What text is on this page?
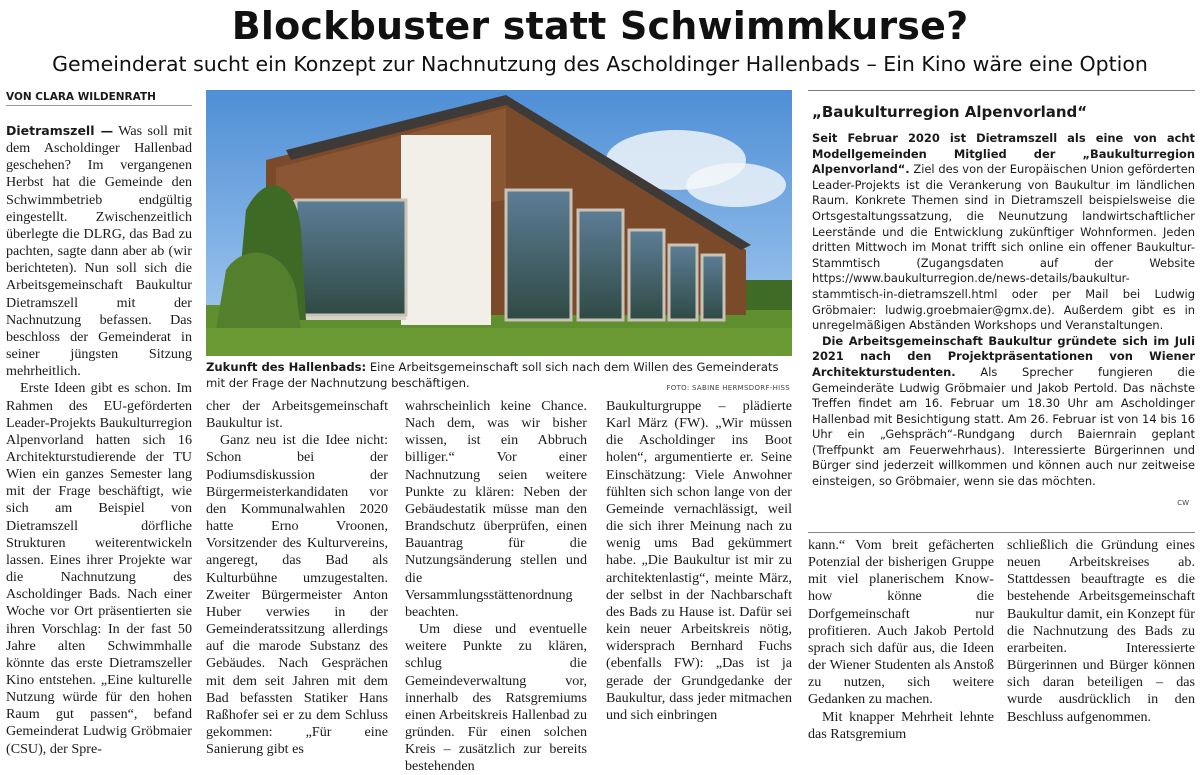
Blockbuster statt Schwimmkurse?
Gemeinderat sucht ein Konzept zur Nachnutzung des Ascholdinger Hallenbads – Ein Kino wäre eine Option
VON CLARA WILDENRATH

Dietramszell — Was soll mit dem Ascholdinger Hallenbad geschehen? Im vergangenen Herbst hat die Gemeinde den Schwimmbetrieb endgültig eingestellt. Zwischenzeitlich überlegte die DLRG, das Bad zu pachten, sagte dann aber ab (wir berichteten). Nun soll sich die Arbeitsgemeinschaft Baukultur Dietramszell mit der Nachnutzung befassen. Das beschloss der Gemeinderat in seiner jüngsten Sitzung mehrheitlich.

Erste Ideen gibt es schon. Im Rahmen des EU-geförderten Leader-Projekts Baukulturregion Alpenvorland hatten sich 16 Architekturstudierende der TU Wien ein ganzes Semester lang mit der Frage beschäftigt, wie sich am Beispiel von Dietramszell dörfliche Strukturen weiterentwickeln lassen. Eines ihrer Projekte war die Nachnutzung des Ascholdinger Bads. Nach einer Woche vor Ort präsentierten sie ihren Vorschlag: In der fast 50 Jahre alten Schwimmhalle könnte das erste Dietramszeller Kino entstehen. „Eine kulturelle Nutzung würde für den hohen Raum gut passen“, befand Gemeinderat Ludwig Gröbmaier (CSU), der Spre-

Zukunft des Hallenbads: Eine Arbeitsgemeinschaft soll sich nach dem Willen des Gemeinderats mit der Frage der Nachnutzung beschäftigen.	FOTO: SABINE HERMSDORF-HISS

cher der Arbeitsgemeinschaft Baukultur ist.

Ganz neu ist die Idee nicht: Schon bei der Podiumsdiskussion der Bürgermeisterkandidaten vor den Kommunalwahlen 2020 hatte Erno Vroonen, Vorsitzender des Kulturvereins, angeregt, das Bad als Kulturbühne umzugestalten. Zweiter Bürgermeister Anton Huber verwies in der Gemeinderatssitzung allerdings auf die marode Substanz des Gebäudes. Nach Gesprächen mit dem seit Jahren mit dem Bad befassten Statiker Hans Raßhofer sei er zu dem Schluss gekommen: „Für eine Sanierung gibt es

wahrscheinlich keine Chance. Nach dem, was wir bisher wissen, ist ein Abbruch billiger.“ Vor einer Nachnutzung seien weitere Punkte zu klären: Neben der Gebäudestatik müsse man den Brandschutz überprüfen, einen Bauantrag für die Nutzungsänderung stellen und die Versammlungsstättenordnung beachten.

Um diese und eventuelle weitere Punkte zu klären, schlug die Gemeindeverwaltung vor, innerhalb des Ratsgremiums einen Arbeitskreis Hallenbad zu gründen. Für einen solchen Kreis – zusätzlich zur bereits bestehenden

Baukulturgruppe – plädierte Karl März (FW). „Wir müssen die Ascholdinger ins Boot holen“, argumentierte er. Seine Einschätzung: Viele Anwohner fühlten sich schon lange von der Gemeinde vernachlässigt, weil die sich ihrer Meinung nach zu wenig ums Bad gekümmert habe. „Die Baukultur ist mir zu architektenlastig“, meinte März, der selbst in der Nachbarschaft des Bads zu Hause ist. Dafür sei kein neuer Arbeitskreis nötig, widersprach Bernhard Fuchs (ebenfalls FW): „Das ist ja gerade der Grundgedanke der Baukultur, dass jeder mitmachen und sich einbringen

kann.“ Vom breit gefächerten Potenzial der bisherigen Gruppe mit viel planerischem Know-how könne die Dorfgemeinschaft nur profitieren. Auch Jakob Pertold sprach sich dafür aus, die Ideen der Wiener Studenten als Anstoß zu nutzen, sich weitere Gedanken zu machen.

Mit knapper Mehrheit lehnte das Ratsgremium

schließlich die Gründung eines neuen Arbeitskreises ab. Stattdessen beauftragte es die bestehende Arbeitsgemeinschaft Baukultur damit, ein Konzept für die Nachnutzung des Bads zu erarbeiten. Interessierte Bürgerinnen und Bürger können sich daran beteiligen – das wurde ausdrücklich in den Beschluss aufgenommen.

„Baukulturregion Alpenvorland“

Seit Februar 2020 ist Dietramszell als eine von acht Modellgemeinden Mitglied der „Baukulturregion Alpenvorland“. Ziel des von der Europäischen Union geförderten Leader-Projekts ist die Verankerung von Baukultur im ländlichen Raum. Konkrete Themen sind in Dietramszell beispielsweise die Ortsgestaltungssatzung, die Neunutzung landwirtschaftlicher Leerstände und die Entwicklung zukünftiger Wohnformen. Jeden dritten Mittwoch im Monat trifft sich online ein offener Baukultur-Stammtisch (Zugangsdaten auf der Website https://www.baukulturregion.de/news-details/baukultur-stammtisch-in-dietramszell.html oder per Mail bei Ludwig Gröbmaier: ludwig.groebmaier@gmx.de). Außerdem gibt es in unregelmäßigen Abständen Workshops und Veranstaltungen.

Die Arbeitsgemeinschaft Baukultur gründete sich im Juli 2021 nach den Projektpräsentationen von Wiener Architekturstudenten. Als Sprecher fungieren die Gemeinderäte Ludwig Gröbmaier und Jakob Pertold. Das nächste Treffen findet am 16. Februar um 18.30 Uhr am Ascholdinger Hallenbad mit Besichtigung statt. Am 26. Februar ist von 14 bis 16 Uhr ein „Gehspräch“-Rundgang durch Baiernrain geplant (Treffpunkt am Feuerwehrhaus). Interessierte Bürgerinnen und Bürger sind jederzeit willkommen und können auch nur zeitweise einsteigen, so Gröbmaier, wenn sie das möchten.

CW
